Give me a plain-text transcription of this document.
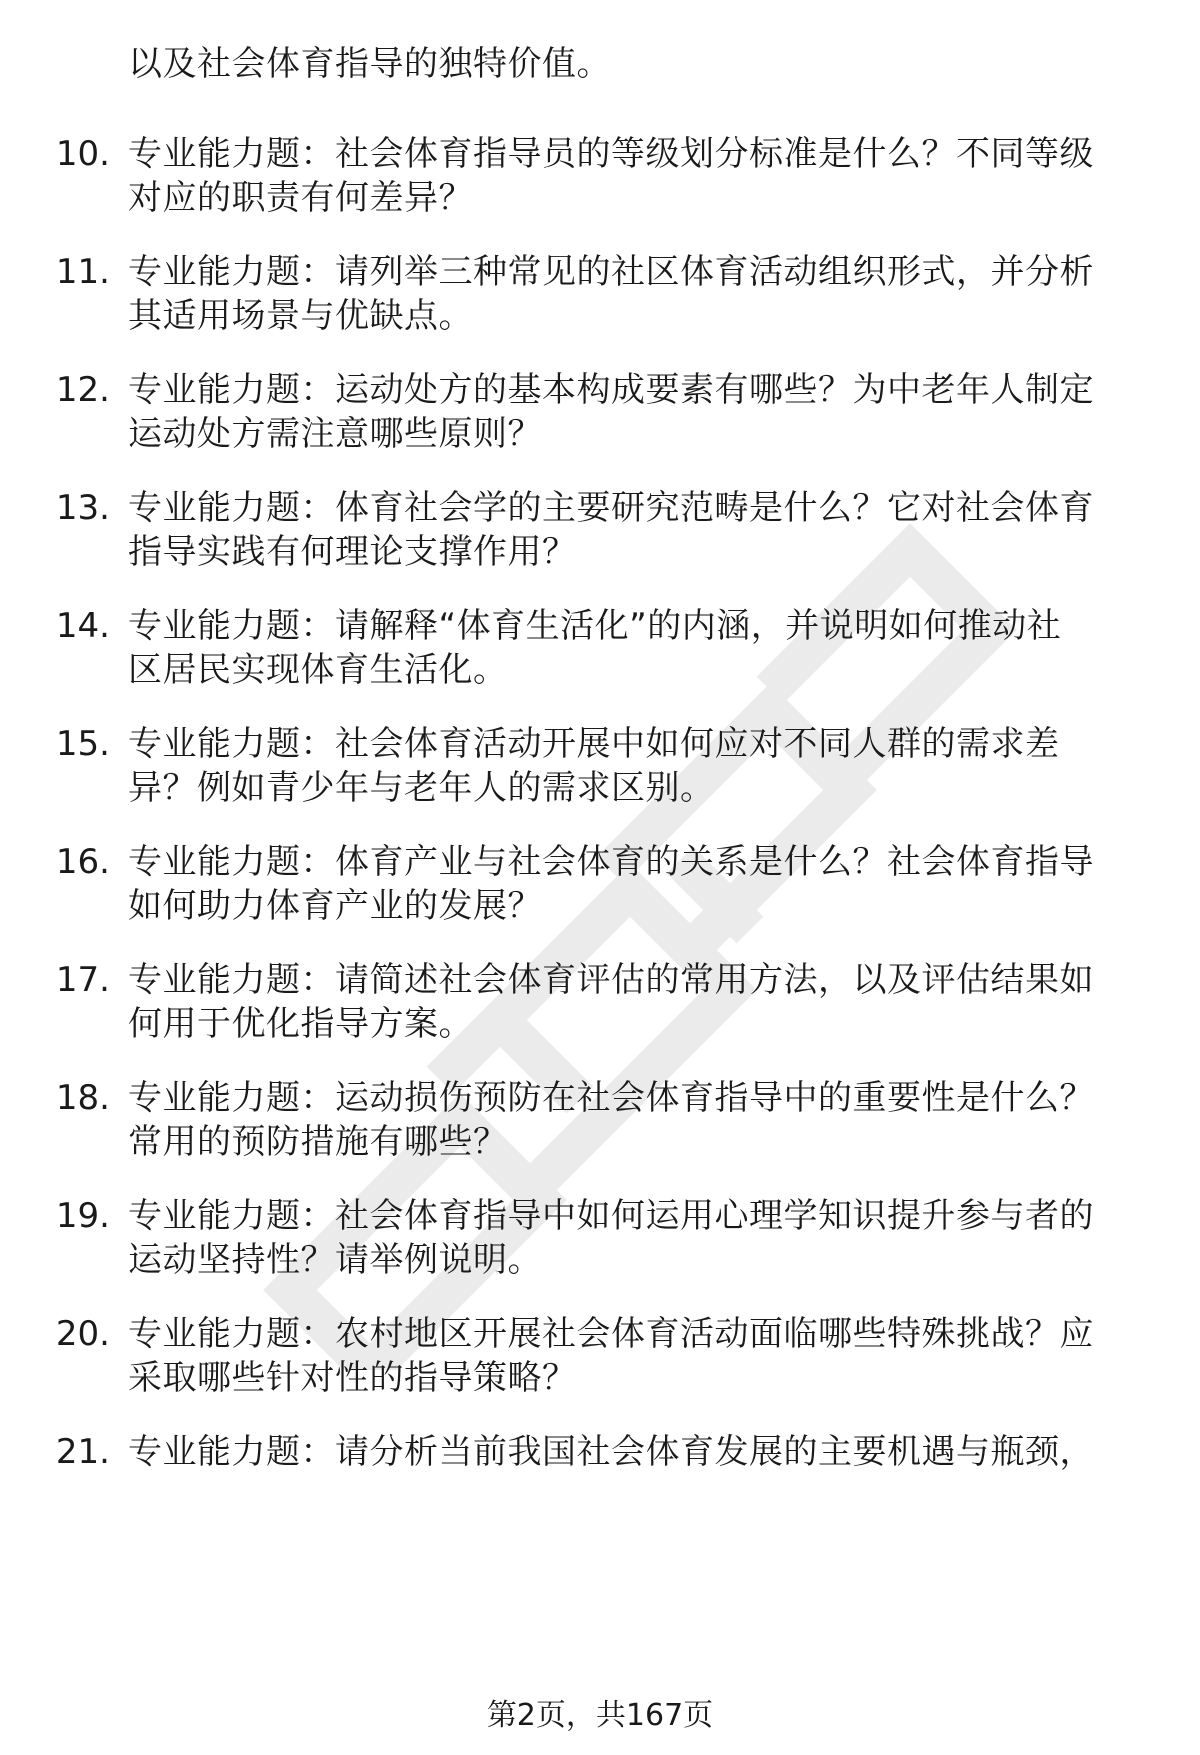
以及社会体育指导的独特价值。
10. 专业能力题：社会体育指导员的等级划分标准是什么？不同等级
对应的职责有何差异？
11. 专业能力题：请列举三种常见的社区体育活动组织形式，并分析
其适用场景与优缺点。
12. 专业能力题：运动处方的基本构成要素有哪些？为中老年人制定
运动处方需注意哪些原则？
13. 专业能力题：体育社会学的主要研究范畴是什么？它对社会体育
指导实践有何理论支撑作用？
14. 专业能力题：请解释“体育生活化”的内涵，并说明如何推动社
区居民实现体育生活化。
15. 专业能力题：社会体育活动开展中如何应对不同人群的需求差
异？例如青少年与老年人的需求区别。
16. 专业能力题：体育产业与社会体育的关系是什么？社会体育指导
如何助力体育产业的发展？
17. 专业能力题：请简述社会体育评估的常用方法，以及评估结果如
何用于优化指导方案。
18. 专业能力题：运动损伤预防在社会体育指导中的重要性是什么？
常用的预防措施有哪些？
19. 专业能力题：社会体育指导中如何运用心理学知识提升参与者的
运动坚持性？请举例说明。
20. 专业能力题：农村地区开展社会体育活动面临哪些特殊挑战？应
采取哪些针对性的指导策略？
21. 专业能力题：请分析当前我国社会体育发展的主要机遇与瓶颈，
第2页，共167页
